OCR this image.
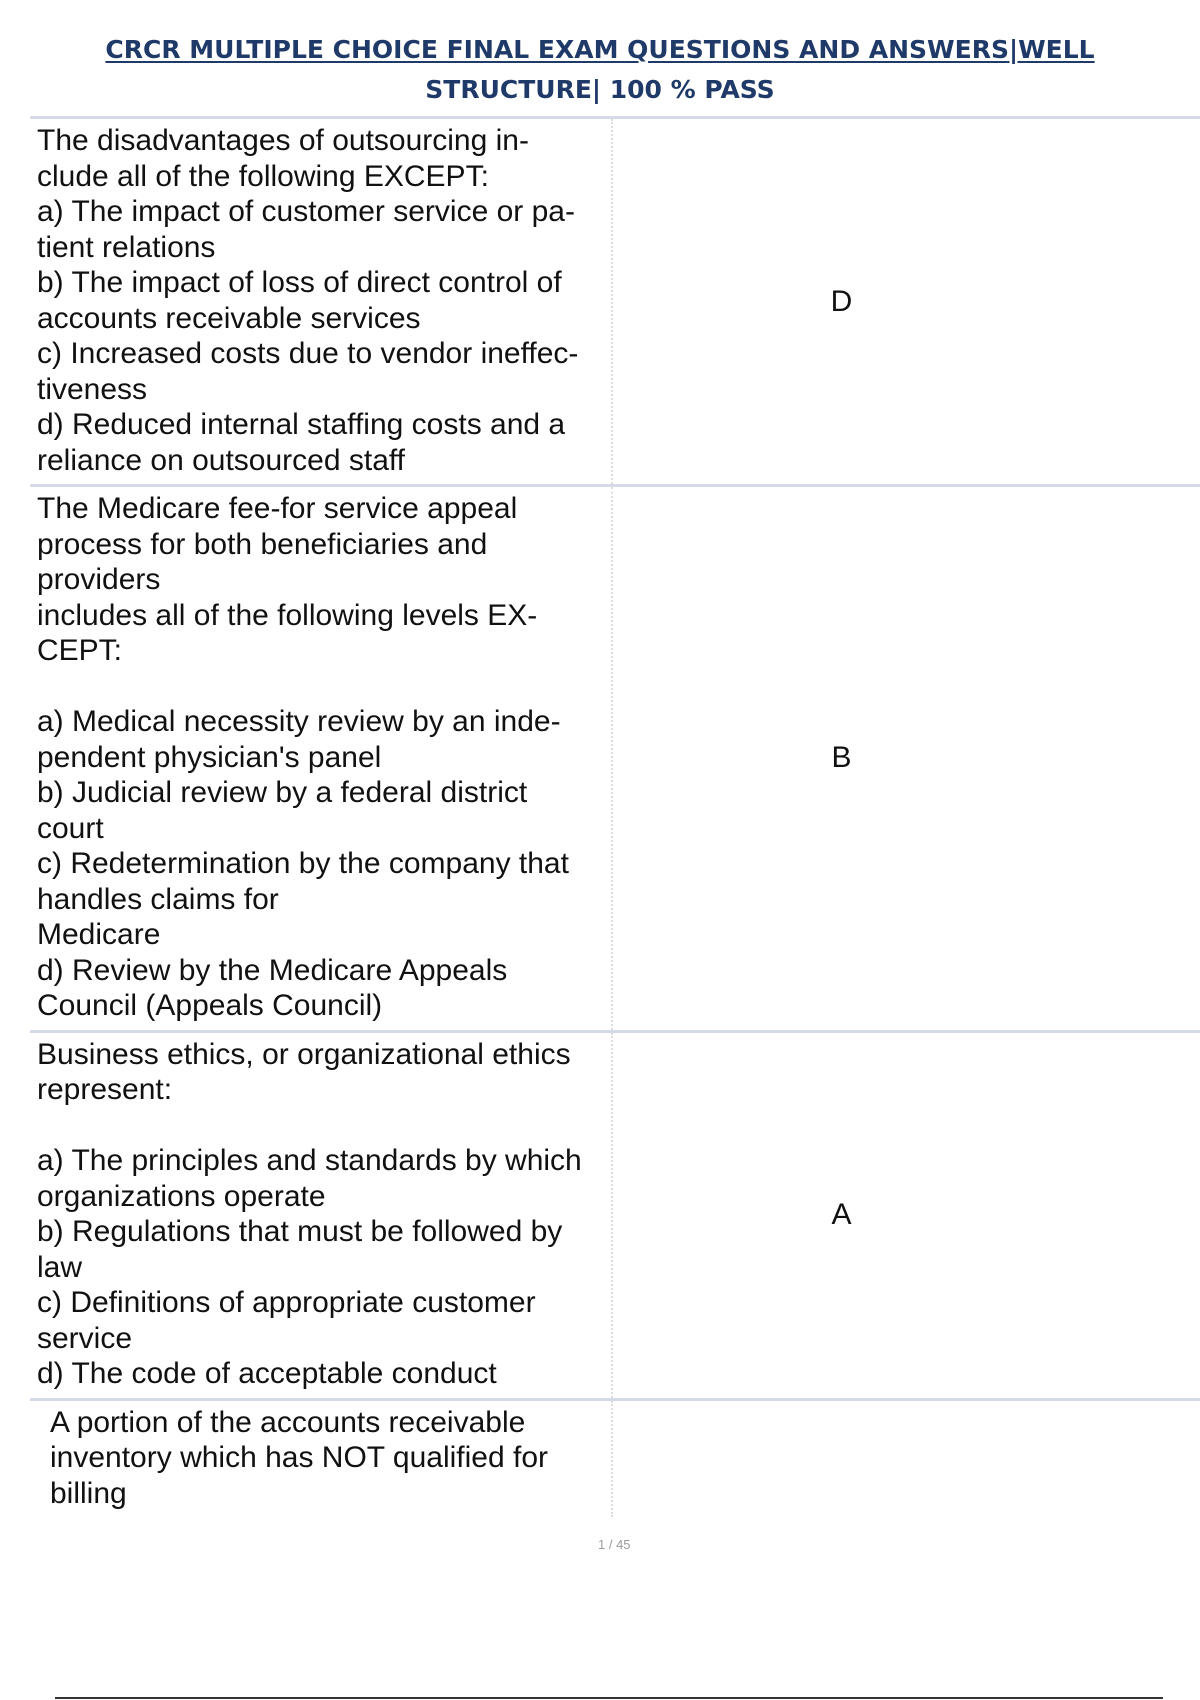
CRCR MULTIPLE CHOICE FINAL EXAM QUESTIONS AND ANSWERS|WELL
STRUCTURE| 100 % PASS
The disadvantages of outsourcing in-
clude all of the following EXCEPT:
a) The impact of customer service or pa-
tient relations
b) The impact of loss of direct control of
accounts receivable services
c) Increased costs due to vendor ineffec-
tiveness
d) Reduced internal staffing costs and a
reliance on outsourced staff
D
The Medicare fee-for service appeal
process for both beneficiaries and
providers
includes all of the following levels EX-
CEPT:

a) Medical necessity review by an inde-
pendent physician's panel
b) Judicial review by a federal district
court
c) Redetermination by the company that
handles claims for
Medicare
d) Review by the Medicare Appeals
Council (Appeals Council)
B
Business ethics, or organizational ethics
represent:

a) The principles and standards by which
organizations operate
b) Regulations that must be followed by
law
c) Definitions of appropriate customer
service
d) The code of acceptable conduct
A
A portion of the accounts receivable
inventory which has NOT qualified for
billing
1 / 45
